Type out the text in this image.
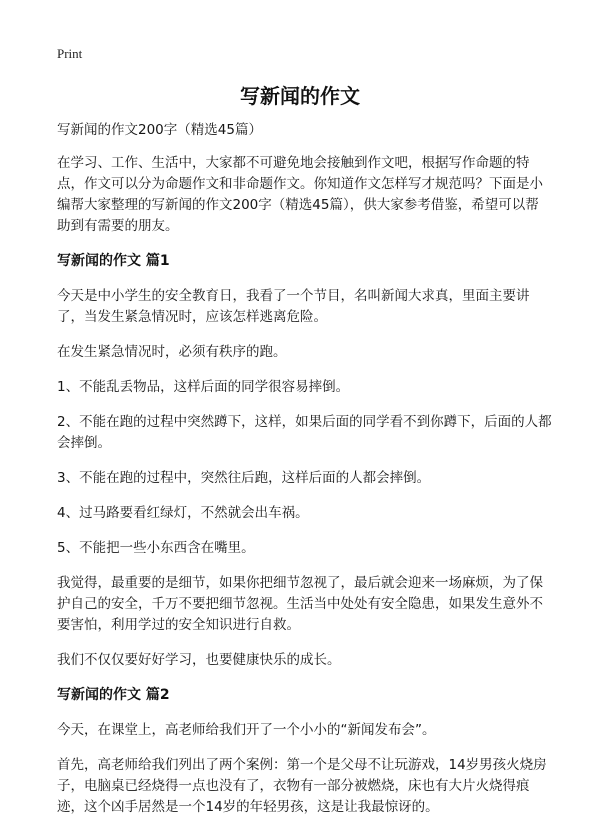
Print
写新闻的作文

写新闻的作文200字（精选45篇）

在学习、工作、生活中，大家都不可避免地会接触到作文吧，根据写作命题的特点，作文可以分为命题作文和非命题作文。你知道作文怎样写才规范吗？下面是小编帮大家整理的写新闻的作文200字（精选45篇），供大家参考借鉴，希望可以帮助到有需要的朋友。

写新闻的作文 篇1

今天是中小学生的安全教育日，我看了一个节目，名叫新闻大求真，里面主要讲了，当发生紧急情况时，应该怎样逃离危险。

在发生紧急情况时，必须有秩序的跑。

1、不能乱丢物品，这样后面的同学很容易摔倒。

2、不能在跑的过程中突然蹲下，这样，如果后面的同学看不到你蹲下，后面的人都会摔倒。

3、不能在跑的过程中，突然往后跑，这样后面的人都会摔倒。

4、过马路要看红绿灯，不然就会出车祸。

5、不能把一些小东西含在嘴里。

我觉得，最重要的是细节，如果你把细节忽视了，最后就会迎来一场麻烦，为了保护自己的安全，千万不要把细节忽视。生活当中处处有安全隐患，如果发生意外不要害怕，利用学过的安全知识进行自救。

我们不仅仅要好好学习，也要健康快乐的成长。

写新闻的作文 篇2

今天，在课堂上，高老师给我们开了一个小小的“新闻发布会”。

首先，高老师给我们列出了两个案例：第一个是父母不让玩游戏，14岁男孩火烧房子，电脑桌已经烧得一点也没有了，衣物有一部分被燃烧，床也有大片火烧得痕迹，这个凶手居然是一个14岁的年轻男孩，这是让我最惊讶的。
